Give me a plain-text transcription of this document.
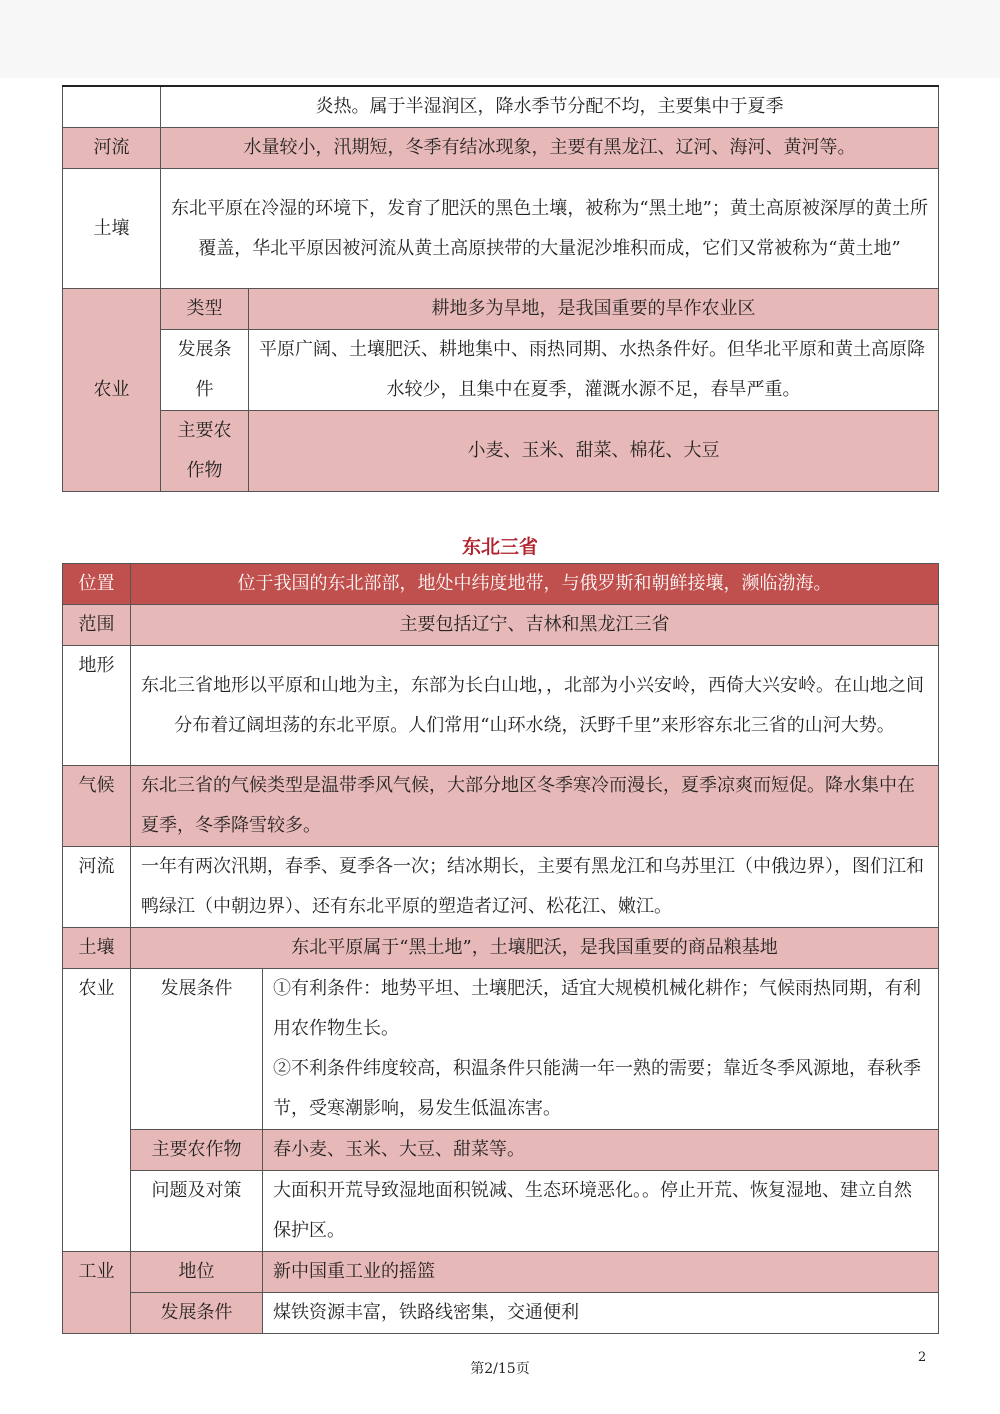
	炎热。属于半湿润区，降水季节分配不均，主要集中于夏季	
河流	水量较小，汛期短，冬季有结冰现象，主要有黑龙江、辽河、海河、黄河等。	
土壤	东北平原在冷湿的环境下，发育了肥沃的黑色土壤，被称为“黑土地”；黄土高原被深厚的黄土所覆盖，华北平原因被河流从黄土高原挟带的大量泥沙堆积而成，它们又常被称为“黄土地”	
农业	类型	耕地多为旱地，是我国重要的旱作农业区
	发展条件	平原广阔、土壤肥沃、耕地集中、雨热同期、水热条件好。但华北平原和黄土高原降水较少，且集中在夏季，灌溉水源不足，春旱严重。
	主要农作物	小麦、玉米、甜菜、棉花、大豆
东北三省
位置	位于我国的东北部部，地处中纬度地带，与俄罗斯和朝鲜接壤，濒临渤海。	
范围	主要包括辽宁、吉林和黑龙江三省	
地形	东北三省地形以平原和山地为主，东部为长白山地，，北部为小兴安岭，西倚大兴安岭。在山地之间分布着辽阔坦荡的东北平原。人们常用“山环水绕，沃野千里”来形容东北三省的山河大势。	
气候	东北三省的气候类型是温带季风气候，大部分地区冬季寒冷而漫长，夏季凉爽而短促。降水集中在夏季，冬季降雪较多。	
河流	一年有两次汛期，春季、夏季各一次；结冰期长，主要有黑龙江和乌苏里江（中俄边界），图们江和鸭绿江（中朝边界）、还有东北平原的塑造者辽河、松花江、嫩江。	
土壤	东北平原属于“黑土地”，土壤肥沃，是我国重要的商品粮基地	
农业	发展条件	①有利条件：地势平坦、土壤肥沃，适宜大规模机械化耕作；气候雨热同期，有利用农作物生长。
②不利条件纬度较高，积温条件只能满一年一熟的需要；靠近冬季风源地，春秋季节，受寒潮影响，易发生低温冻害。

	主要农作物	春小麦、玉米、大豆、甜菜等。
	问题及对策	大面积开荒导致湿地面积锐减、生态环境恶化。。停止开荒、恢复湿地、建立自然保护区。
工业	地位	新中国重工业的摇篮
	发展条件	煤铁资源丰富，铁路线密集，交通便利
2
第2/15页
